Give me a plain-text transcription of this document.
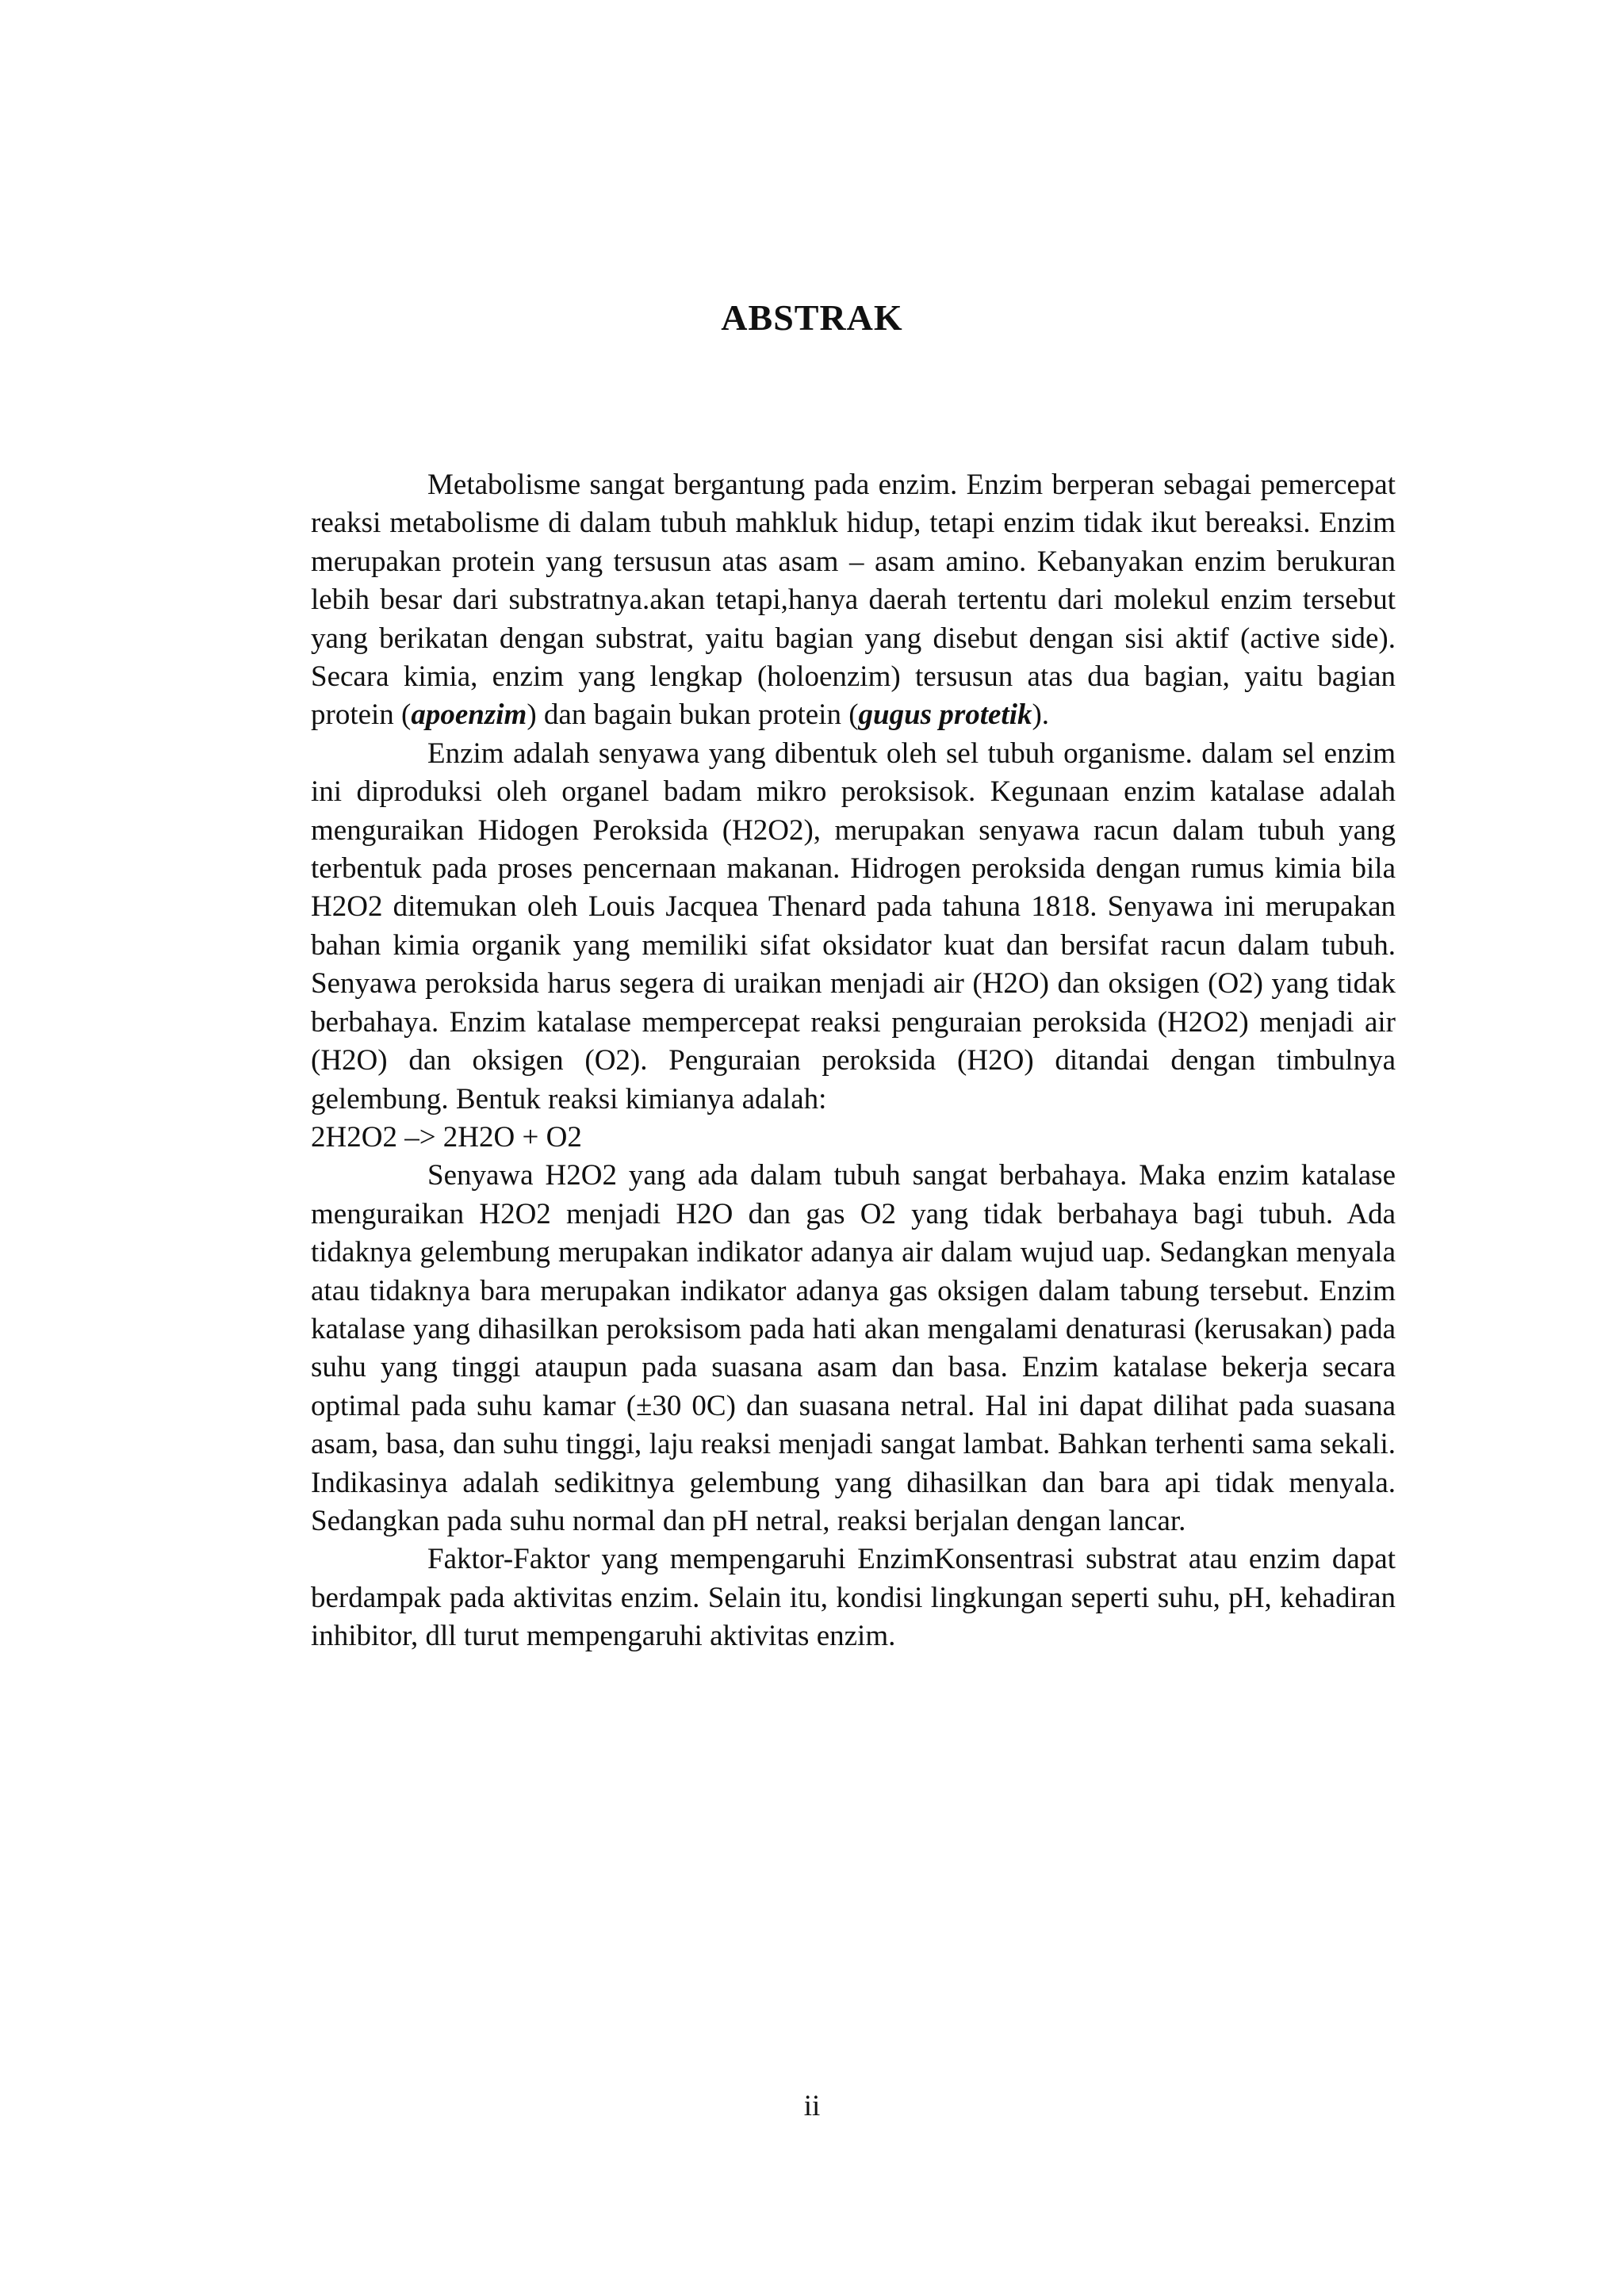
ABSTRAK

Metabolisme sangat bergantung pada enzim. Enzim berperan sebagai pemercepat reaksi metabolisme di dalam tubuh mahkluk hidup, tetapi enzim tidak ikut bereaksi. Enzim merupakan protein yang tersusun atas asam – asam amino. Kebanyakan enzim berukuran lebih besar dari substratnya.akan tetapi,hanya daerah tertentu dari molekul enzim tersebut yang berikatan dengan substrat, yaitu bagian yang disebut dengan sisi aktif (active side). Secara kimia, enzim yang lengkap (holoenzim) tersusun atas dua bagian, yaitu bagian protein (apoenzim) dan bagain bukan protein (gugus protetik).

Enzim adalah senyawa yang dibentuk oleh sel tubuh organisme. dalam sel enzim ini diproduksi oleh organel badam mikro peroksisok. Kegunaan enzim katalase adalah menguraikan Hidogen Peroksida (H2O2), merupakan senyawa racun dalam tubuh yang terbentuk pada proses pencernaan makanan. Hidrogen peroksida dengan rumus kimia bila H2O2 ditemukan oleh Louis Jacquea Thenard pada tahuna 1818. Senyawa ini merupakan bahan kimia organik yang memiliki sifat oksidator kuat dan bersifat racun dalam tubuh. Senyawa peroksida harus segera di uraikan menjadi air (H2O) dan oksigen (O2) yang tidak berbahaya. Enzim katalase mempercepat reaksi penguraian peroksida (H2O2) menjadi air (H2O) dan oksigen (O2). Penguraian peroksida (H2O) ditandai dengan timbulnya gelembung. Bentuk reaksi kimianya adalah:

2H2O2 –> 2H2O + O2

Senyawa H2O2 yang ada dalam tubuh sangat berbahaya. Maka enzim katalase menguraikan H2O2 menjadi H2O dan gas O2 yang tidak berbahaya bagi tubuh. Ada tidaknya gelembung merupakan indikator adanya air dalam wujud uap. Sedangkan menyala atau tidaknya bara merupakan indikator adanya gas oksigen dalam tabung tersebut. Enzim katalase yang dihasilkan peroksisom pada hati akan mengalami denaturasi (kerusakan) pada suhu yang tinggi ataupun pada suasana asam dan basa. Enzim katalase bekerja secara optimal pada suhu kamar (±30 0C) dan suasana netral. Hal ini dapat dilihat pada suasana asam, basa, dan suhu tinggi, laju reaksi menjadi sangat lambat. Bahkan terhenti sama sekali. Indikasinya adalah sedikitnya gelembung yang dihasilkan dan bara api tidak menyala. Sedangkan pada suhu normal dan pH netral, reaksi berjalan dengan lancar.

Faktor-Faktor yang mempengaruhi EnzimKonsentrasi substrat atau enzim dapat berdampak pada aktivitas enzim. Selain itu, kondisi lingkungan seperti suhu, pH, kehadiran inhibitor, dll turut mempengaruhi aktivitas enzim.

ii
